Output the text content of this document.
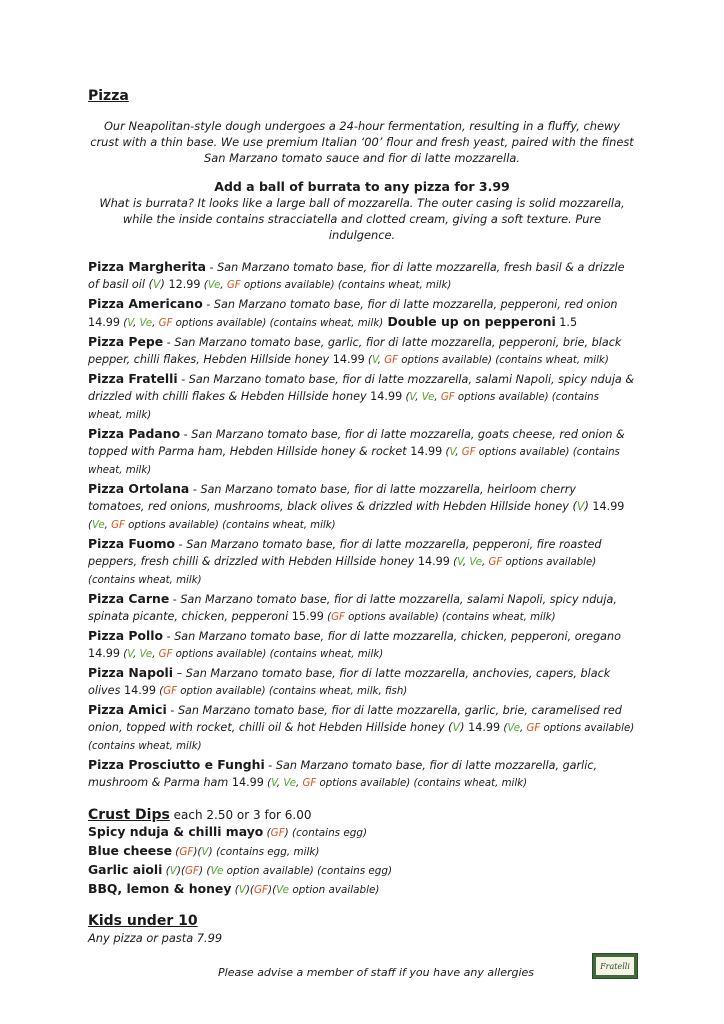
Pizza
Our Neapolitan-style dough undergoes a 24-hour fermentation, resulting in a fluffy, chewy crust with a thin base. We use premium Italian ‘00’ flour and fresh yeast, paired with the finest San Marzano tomato sauce and fior di latte mozzarella.
Add a ball of burrata to any pizza for 3.99
What is burrata? It looks like a large ball of mozzarella. The outer casing is solid mozzarella, while the inside contains stracciatella and clotted cream, giving a soft texture. Pure indulgence.
Pizza Margherita - San Marzano tomato base, fior di latte mozzarella, fresh basil & a drizzle of basil oil (V) 12.99 (Ve, GF options available) (contains wheat, milk)
Pizza Americano - San Marzano tomato base, fior di latte mozzarella, pepperoni, red onion 14.99 (V, Ve, GF options available) (contains wheat, milk) Double up on pepperoni 1.5
Pizza Pepe - San Marzano tomato base, garlic, fior di latte mozzarella, pepperoni, brie, black pepper, chilli flakes, Hebden Hillside honey 14.99 (V, GF options available) (contains wheat, milk)
Pizza Fratelli - San Marzano tomato base, fior di latte mozzarella, salami Napoli, spicy nduja & drizzled with chilli flakes & Hebden Hillside honey 14.99 (V, Ve, GF options available) (contains wheat, milk)
Pizza Padano - San Marzano tomato base, fior di latte mozzarella, goats cheese, red onion & topped with Parma ham, Hebden Hillside honey & rocket 14.99 (V, GF options available) (contains wheat, milk)
Pizza Ortolana - San Marzano tomato base, fior di latte mozzarella, heirloom cherry tomatoes, red onions, mushrooms, black olives & drizzled with Hebden Hillside honey (V) 14.99 (Ve, GF options available) (contains wheat, milk)
Pizza Fuomo - San Marzano tomato base, fior di latte mozzarella, pepperoni, fire roasted peppers, fresh chilli & drizzled with Hebden Hillside honey 14.99 (V, Ve, GF options available) (contains wheat, milk)
Pizza Carne - San Marzano tomato base, fior di latte mozzarella, salami Napoli, spicy nduja, spinata picante, chicken, pepperoni 15.99 (GF options available) (contains wheat, milk)
Pizza Pollo - San Marzano tomato base, fior di latte mozzarella, chicken, pepperoni, oregano 14.99 (V, Ve, GF options available) (contains wheat, milk)
Pizza Napoli – San Marzano tomato base, fior di latte mozzarella, anchovies, capers, black olives 14.99 (GF option available) (contains wheat, milk, fish)
Pizza Amici - San Marzano tomato base, fior di latte mozzarella, garlic, brie, caramelised red onion, topped with rocket, chilli oil & hot Hebden Hillside honey (V) 14.99 (Ve, GF options available) (contains wheat, milk)
Pizza Prosciutto e Funghi - San Marzano tomato base, fior di latte mozzarella, garlic, mushroom & Parma ham 14.99 (V, Ve, GF options available) (contains wheat, milk)
Crust Dips each 2.50 or 3 for 6.00
Spicy nduja & chilli mayo (GF) (contains egg)
Blue cheese (GF)(V) (contains egg, milk)
Garlic aioli (V)(GF) (Ve option available) (contains egg)
BBQ, lemon & honey (V)(GF)(Ve option available)
Kids under 10
Any pizza or pasta 7.99
Please advise a member of staff if you have any allergies	Fratelli
